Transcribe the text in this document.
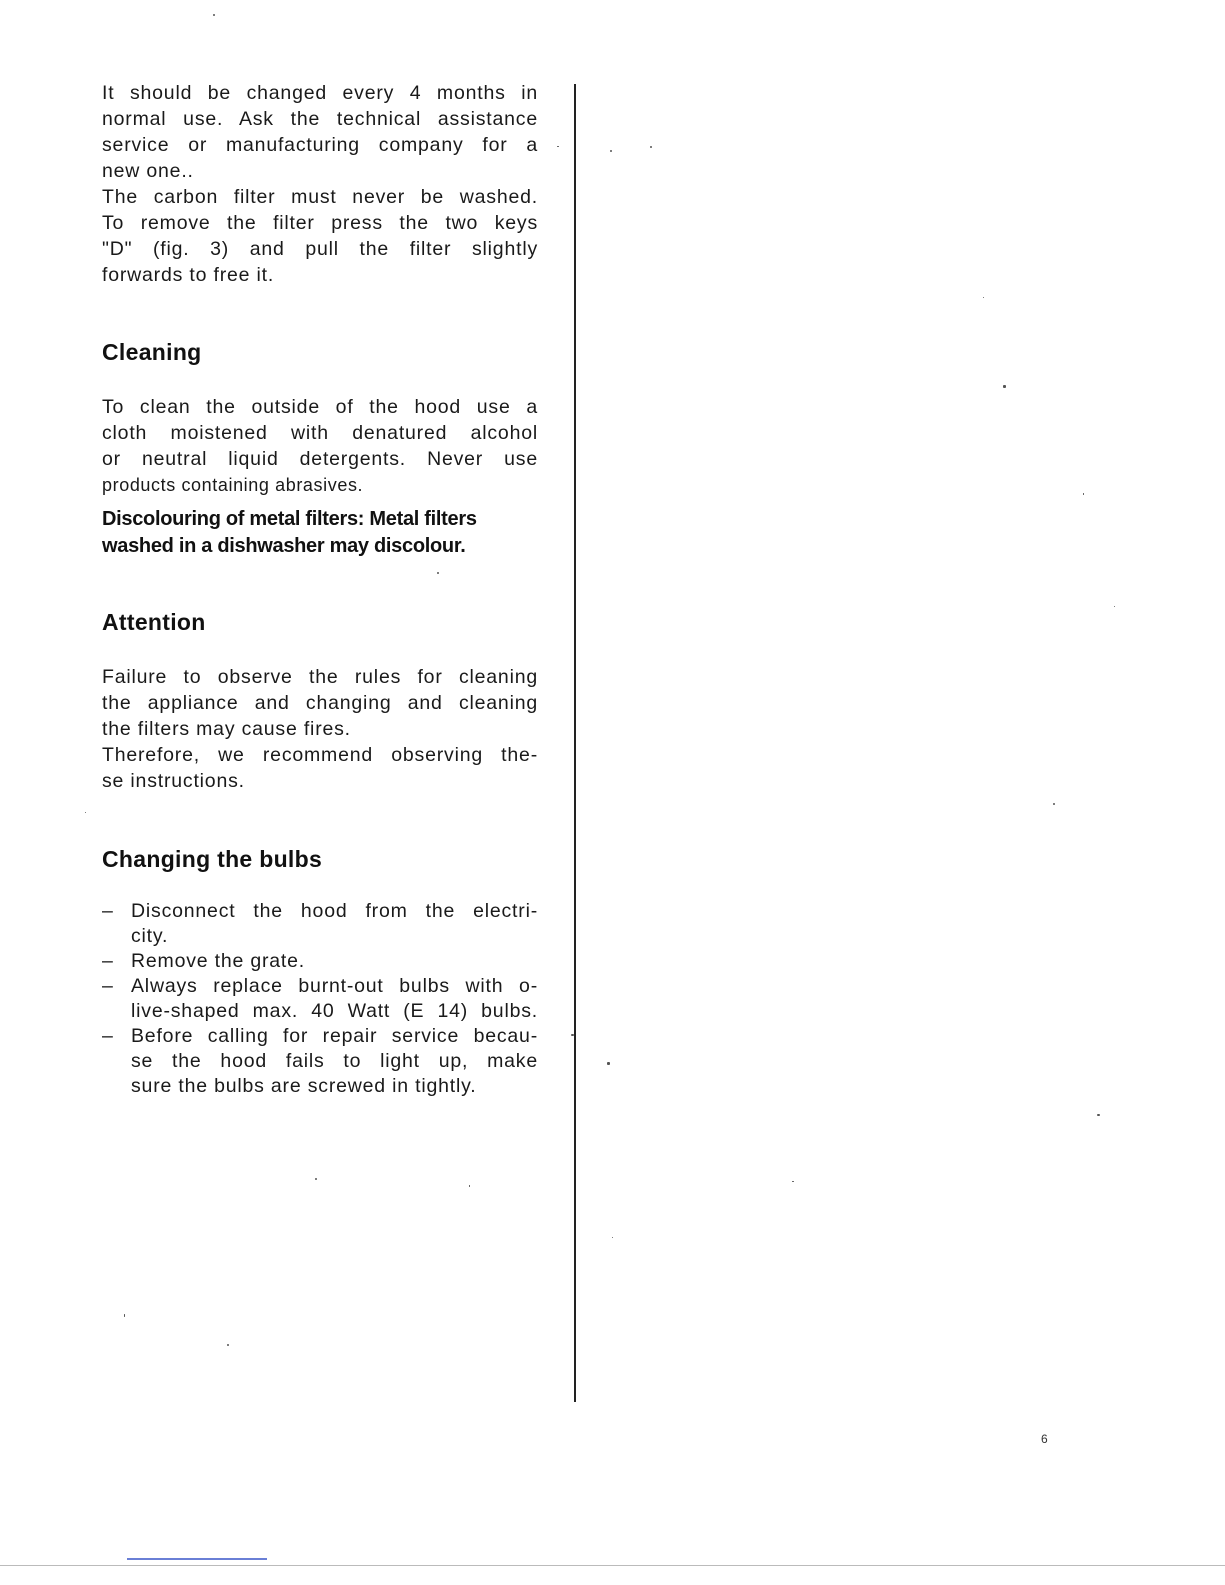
It should be changed every 4 months in
normal use. Ask the technical assistance
service or manufacturing company for a
new one..

The carbon filter must never be washed.

To remove the filter press the two keys
"D" (fig. 3) and pull the filter slightly
forwards to free it.

Cleaning

To clean the outside of the hood use a
cloth moistened with denatured alcohol
or neutral liquid detergents. Never use
products containing abrasives.

Discolouring of metal filters: Metal filters
washed in a dishwasher may discolour.

Attention

Failure to observe the rules for cleaning
the appliance and changing and cleaning
the filters may cause fires.

Therefore, we recommend observing the-
se instructions.

Changing the bulbs
– Disconnect the hood from the electri-
city.
– Remove the grate.
– Always replace burnt-out bulbs with o-
live-shaped max. 40 Watt (E 14) bulbs.
– Before calling for repair service becau-
se the hood fails to light up, make
sure the bulbs are screwed in tightly.
6
